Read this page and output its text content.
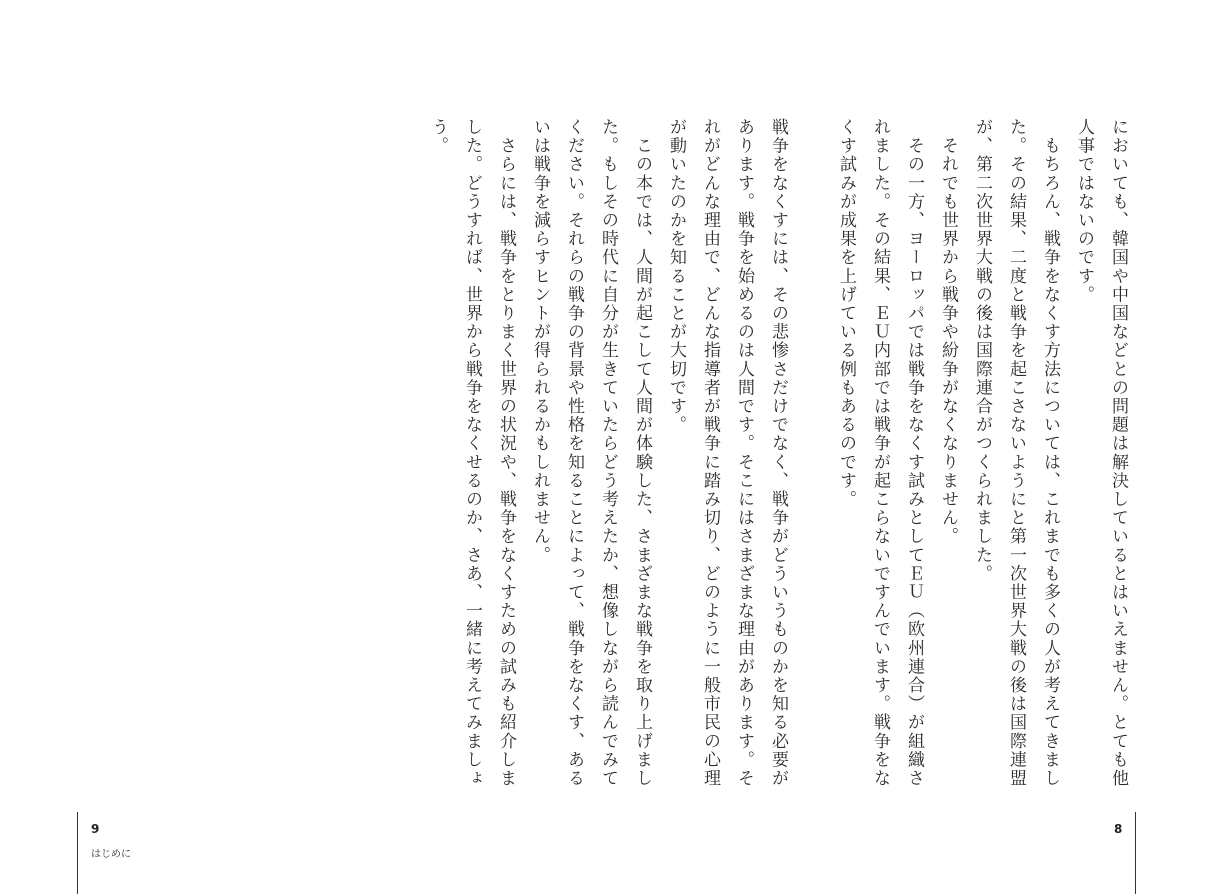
においても、韓国や中国などとの問題は解決しているとはいえません。とても他人事ではないのです。

　もちろん、戦争をなくす方法については、これまでも多くの人が考えてきました。その結果、二度と戦争を起こさないようにと第一次世界大戦の後は国際連盟が、第二次世界大戦の後は国際連合がつくられました。

　それでも世界から戦争や紛争がなくなりません。

　その一方、ヨーロッパでは戦争をなくす試みとしてＥＵ（欧州連合）が組織されました。その結果、ＥＵ内部では戦争が起こらないですんでいます。戦争をなくす試みが成果を上げている例もあるのです。

戦争をなくすには、その悲惨さだけでなく、戦争がどういうものかを知る必要があります。戦争を始めるのは人間です。そこにはさまざまな理由があります。それがどんな理由で、どんな指導者が戦争に踏み切り、どのように一般市民の心理が動いたのかを知ることが大切です。

　この本では、人間が起こして人間が体験した、さまざまな戦争を取り上げました。もしその時代に自分が生きていたらどう考えたか、想像しながら読んでみてください。それらの戦争の背景や性格を知ることによって、戦争をなくす、あるいは戦争を減らすヒントが得られるかもしれません。

　さらには、戦争をとりまく世界の状況や、戦争をなくすための試みも紹介しました。どうすれば、世界から戦争をなくせるのか、さあ、一緒に考えてみましょう。

8
9
はじめに
